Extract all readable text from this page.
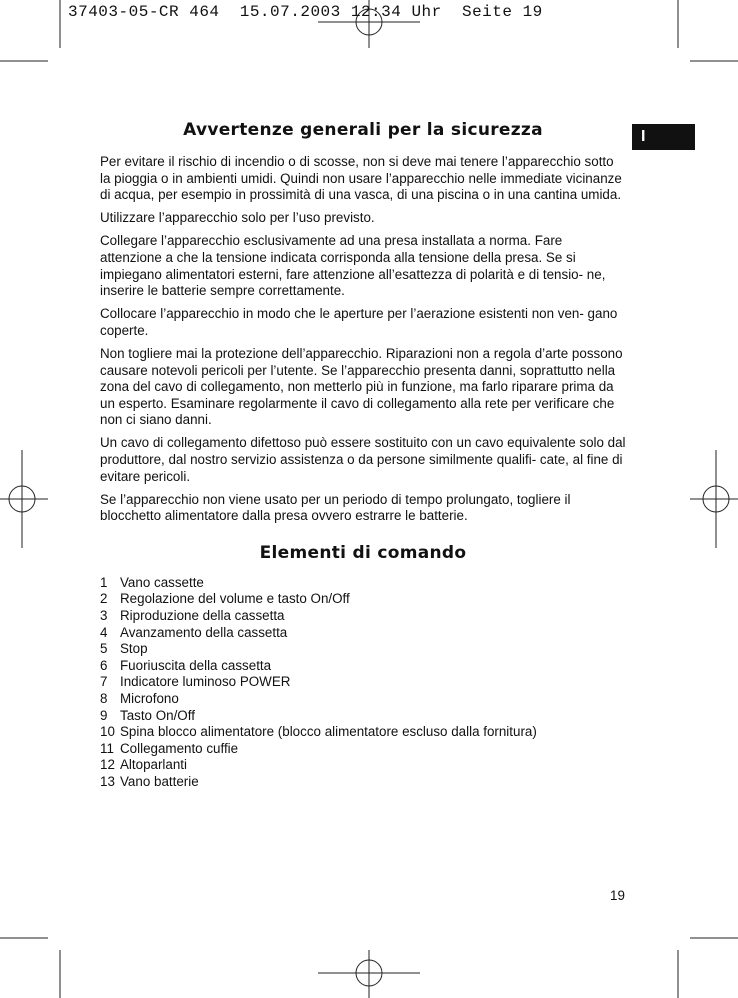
37403-05-CR 464  15.07.2003 12:34 Uhr  Seite 19
I
Avvertenze generali per la sicurezza

Per evitare il rischio di incendio o di scosse, non si deve mai tenere l’apparecchio sotto la pioggia o in ambienti umidi. Quindi non usare l’apparecchio nelle immediate vicinanze di acqua, per esempio in prossimità di una vasca, di una piscina o in una cantina umida.

Utilizzare l’apparecchio solo per l’uso previsto.

Collegare l’apparecchio esclusivamente ad una presa installata a norma. Fare attenzione a che la tensione indicata corrisponda alla tensione della presa. Se si impiegano alimentatori esterni, fare attenzione all’esattezza di polarità e di tensio- ne, inserire le batterie sempre correttamente.

Collocare l’apparecchio in modo che le aperture per l’aerazione esistenti non ven- gano coperte.

Non togliere mai la protezione dell’apparecchio. Riparazioni non a regola d’arte possono causare notevoli pericoli per l’utente. Se l’apparecchio presenta danni, soprattutto nella zona del cavo di collegamento, non metterlo più in funzione, ma farlo riparare prima da un esperto. Esaminare regolarmente il cavo di collegamento alla rete per verificare che non ci siano danni.

Un cavo di collegamento difettoso può essere sostituito con un cavo equivalente solo dal produttore, dal nostro servizio assistenza o da persone similmente qualifi- cate, al fine di evitare pericoli.

Se l’apparecchio non viene usato per un periodo di tempo prolungato, togliere il blocchetto alimentatore dalla presa ovvero estrarre le batterie.

Elementi di comando
1 Vano cassette
2 Regolazione del volume e tasto On/Off
3 Riproduzione della cassetta
4 Avanzamento della cassetta
5 Stop
6 Fuoriuscita della cassetta
7 Indicatore luminoso POWER
8 Microfono
9 Tasto On/Off
10 Spina blocco alimentatore (blocco alimentatore escluso dalla fornitura)
11 Collegamento cuffie
12 Altoparlanti
13 Vano batterie
19
